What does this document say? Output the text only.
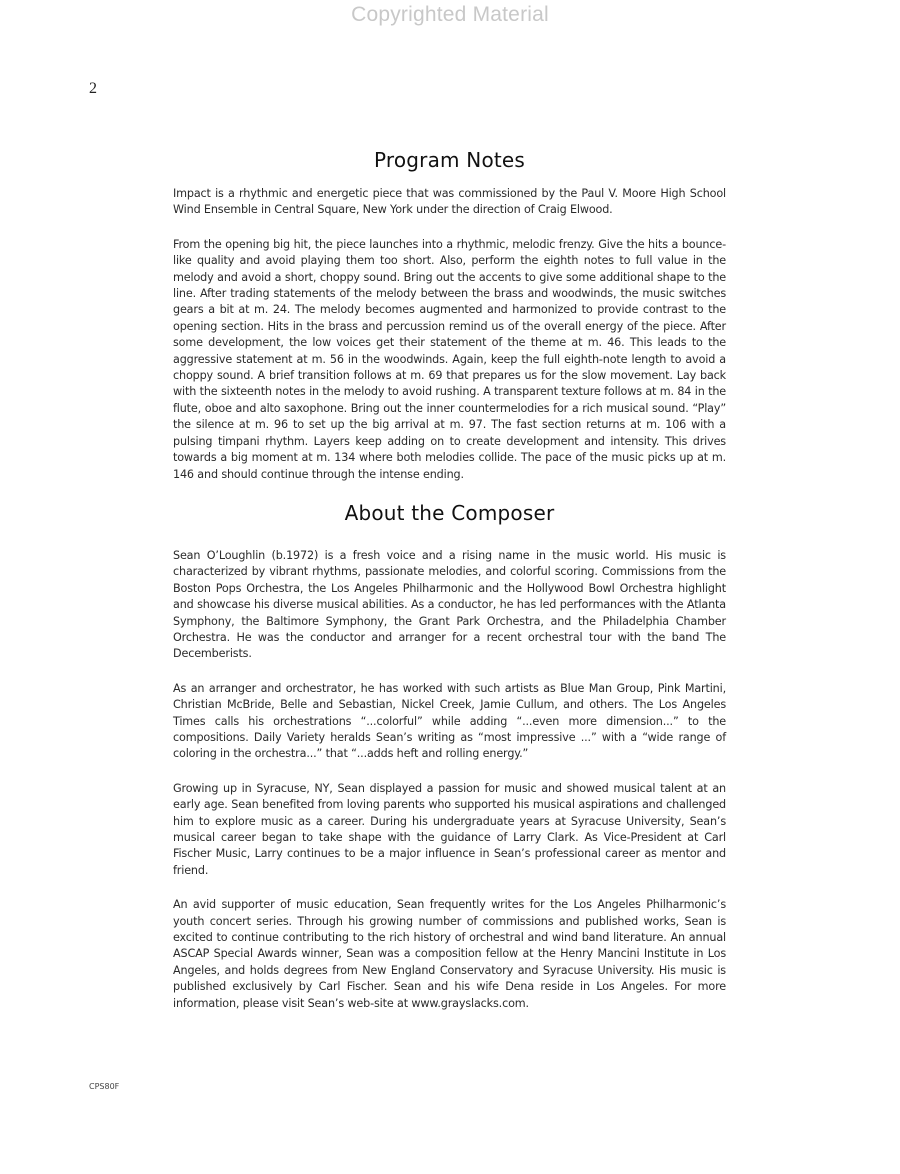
Copyrighted Material
2
Program Notes

Impact is a rhythmic and energetic piece that was commissioned by the Paul V. Moore High School Wind Ensemble in Central Square, New York under the direction of Craig Elwood.

From the opening big hit, the piece launches into a rhythmic, melodic frenzy. Give the hits a bounce-like quality and avoid playing them too short. Also, perform the eighth notes to full value in the melody and avoid a short, choppy sound. Bring out the accents to give some additional shape to the line. After trading statements of the melody between the brass and woodwinds, the music switches gears a bit at m. 24. The melody becomes augmented and harmonized to provide contrast to the opening section. Hits in the brass and percussion remind us of the overall energy of the piece. After some development, the low voices get their statement of the theme at m. 46. This leads to the aggressive statement at m. 56 in the woodwinds. Again, keep the full eighth-note length to avoid a choppy sound. A brief transition follows at m. 69 that prepares us for the slow movement. Lay back with the sixteenth notes in the melody to avoid rushing. A transparent texture follows at m. 84 in the flute, oboe and alto saxophone. Bring out the inner countermelodies for a rich musical sound. “Play” the silence at m. 96 to set up the big arrival at m. 97. The fast section returns at m. 106 with a pulsing timpani rhythm. Layers keep adding on to create development and intensity. This drives towards a big moment at m. 134 where both melodies collide. The pace of the music picks up at m. 146 and should continue through the intense ending.

About the Composer

Sean O’Loughlin (b.1972) is a fresh voice and a rising name in the music world. His music is characterized by vibrant rhythms, passionate melodies, and colorful scoring. Commissions from the Boston Pops Orchestra, the Los Angeles Philharmonic and the Hollywood Bowl Orchestra highlight and showcase his diverse musical abilities. As a conductor, he has led performances with the Atlanta Symphony, the Baltimore Symphony, the Grant Park Orchestra, and the Philadelphia Chamber Orchestra. He was the conductor and arranger for a recent orchestral tour with the band The Decemberists.

As an arranger and orchestrator, he has worked with such artists as Blue Man Group, Pink Martini, Christian McBride, Belle and Sebastian, Nickel Creek, Jamie Cullum, and others. The Los Angeles Times calls his orchestrations “...colorful” while adding “...even more dimension...” to the compositions. Daily Variety heralds Sean’s writing as “most impressive ...” with a “wide range of coloring in the orchestra...” that “...adds heft and rolling energy.”

Growing up in Syracuse, NY, Sean displayed a passion for music and showed musical talent at an early age. Sean benefited from loving parents who supported his musical aspirations and challenged him to explore music as a career. During his undergraduate years at Syracuse University, Sean’s musical career began to take shape with the guidance of Larry Clark. As Vice-President at Carl Fischer Music, Larry continues to be a major influence in Sean’s professional career as mentor and friend.

An avid supporter of music education, Sean frequently writes for the Los Angeles Philharmonic’s youth concert series. Through his growing number of commissions and published works, Sean is excited to continue contributing to the rich history of orchestral and wind band literature. An annual ASCAP Special Awards winner, Sean was a composition fellow at the Henry Mancini Institute in Los Angeles, and holds degrees from New England Conservatory and Syracuse University. His music is published exclusively by Carl Fischer. Sean and his wife Dena reside in Los Angeles. For more information, please visit Sean’s web-site at www.grayslacks.com.

CPS80F
